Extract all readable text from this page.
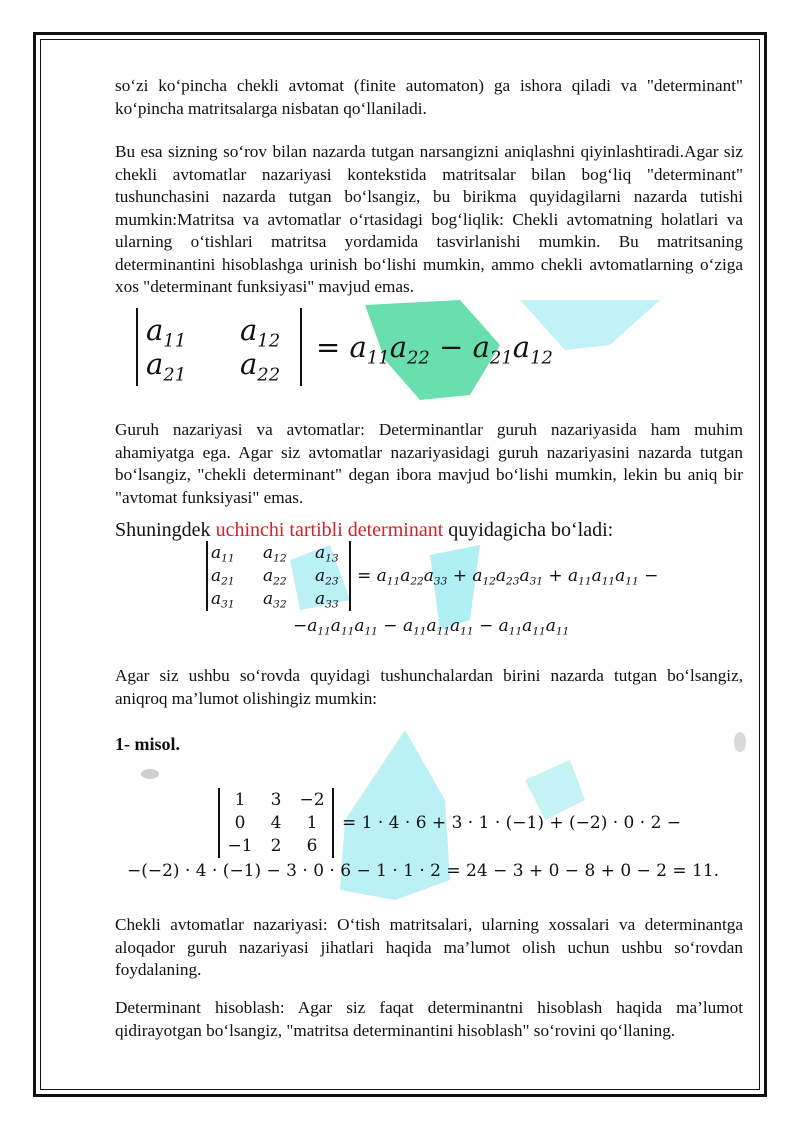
so‘zi ko‘pincha chekli avtomat (finite automaton) ga ishora qiladi va "determinant" ko‘pincha matritsalarga nisbatan qo‘llaniladi.

Bu esa sizning so‘rov bilan nazarda tutgan narsangizni aniqlashni qiyinlashtiradi.Agar siz chekli avtomatlar nazariyasi kontekstida matritsalar bilan bog‘liq "determinant" tushunchasini nazarda tutgan bo‘lsangiz, bu birikma quyidagilarni nazarda tutishi mumkin:Matritsa va avtomatlar o‘rtasidagi bog‘liqlik: Chekli avtomatning holatlari va ularning o‘tishlari matritsa yordamida tasvirlanishi mumkin. Bu matritsaning determinantini hisoblashga urinish bo‘lishi mumkin, ammo chekli avtomatlarning o‘ziga xos "determinant funksiyasi" mavjud emas.

$a_{11}$	$a_{12}$
$a_{21}$	$a_{22}$
= $a_{11}a_{22} - a_{21}a_{12}$

Guruh nazariyasi va avtomatlar: Determinantlar guruh nazariyasida ham muhim ahamiyatga ega. Agar siz avtomatlar nazariyasidagi guruh nazariyasini nazarda tutgan bo‘lsangiz, "chekli determinant" degan ibora mavjud bo‘lishi mumkin, lekin bu aniq bir "avtomat funksiyasi" emas.

Shuningdek uchinchi tartibli determinant quyidagicha bo‘ladi:

$a_{11}$	$a_{12}$	$a_{13}$
$a_{21}$	$a_{22}$	$a_{23}$
$a_{31}$	$a_{32}$	$a_{33}$
= $a_{11}a_{22}a_{33} + a_{12}a_{23}a_{31} + a_{11}a_{11}a_{11}$ −
$-a_{11}a_{11}a_{11} - a_{11}a_{11}a_{11} - a_{11}a_{11}a_{11}$

Agar siz ushbu so‘rovda quyidagi tushunchalardan birini nazarda tutgan bo‘lsangiz, aniqroq ma’lumot olishingiz mumkin:

1- misol.
1	3	−2
0	4	1
−1	2	6
= 1 · 4 · 6 + 3 · 1 · (−1) + (−2) · 0 · 2 −
−(−2) · 4 · (−1) − 3 · 0 · 6 − 1 · 1 · 2 = 24 − 3 + 0 − 8 + 0 − 2 = 11.

Chekli avtomatlar nazariyasi: O‘tish matritsalari, ularning xossalari va determinantga aloqador guruh nazariyasi jihatlari haqida ma’lumot olish uchun ushbu so‘rovdan foydalaning.

Determinant hisoblash: Agar siz faqat determinantni hisoblash haqida ma’lumot qidirayotgan bo‘lsangiz, "matritsa determinantini hisoblash" so‘rovini qo‘llaning.
